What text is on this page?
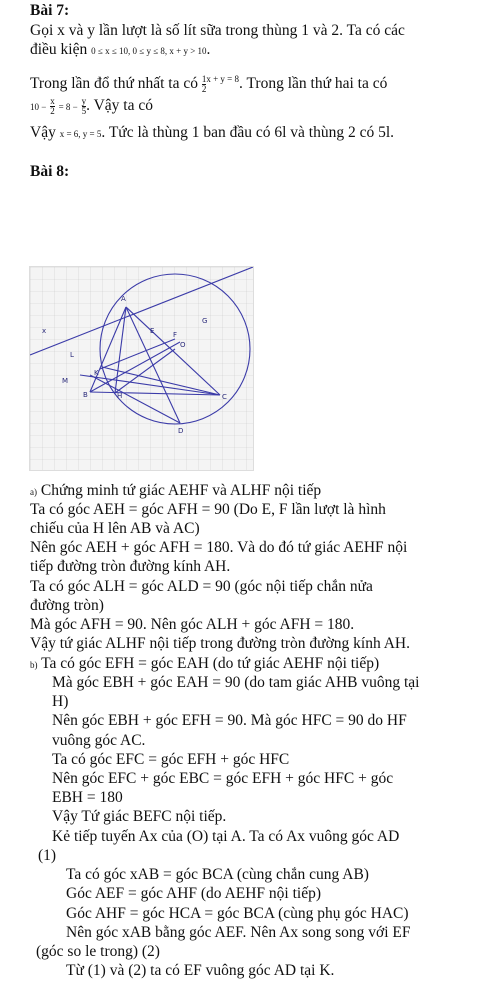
Bài 7:
Gọi x và y lần lượt là số lít sữa trong thùng 1 và 2. Ta có các
điều kiện 0 ≤ x ≤ 10, 0 ≤ y ≤ 8, x + y > 10.
Trong lần đổ thứ nhất ta có $\frac{1}{2}^{x + y = 8}$. Trong lần thứ hai ta có
$10 - \frac{x}{2} = 8 - \frac{y}{5}$. Vậy ta có
Vậy x = 6, y = 5. Tức là thùng 1 ban đầu có 6l và thùng 2 có 5l.
Bài 8:
A
G
x	E
O
L
F
M
B	H	C
D
K
a) Chứng minh tứ giác AEHF và ALHF nội tiếp
Ta có góc AEH = góc AFH = 90 (Do E, F lần lượt là hình
chiếu của H lên AB và AC)
Nên góc AEH + góc AFH = 180. Và do đó tứ giác AEHF nội
tiếp đường tròn đường kính AH.
Ta có góc ALH = góc ALD = 90 (góc nội tiếp chắn nửa
đường tròn)
Mà góc AFH = 90. Nên góc ALH + góc AFH = 180.
Vậy tứ giác ALHF nội tiếp trong đường tròn đường kính AH.
b) Ta có góc EFH = góc EAH (do tứ giác AEHF nội tiếp)
Mà góc EBH + góc EAH = 90 (do tam giác AHB vuông tại
H)
Nên góc EBH + góc EFH = 90. Mà góc HFC = 90 do HF
vuông góc AC.
Ta có góc EFC = góc EFH + góc HFC
Nên góc EFC + góc EBC = góc EFH + góc HFC + góc
EBH = 180
Vậy Tứ giác BEFC nội tiếp.
Kẻ tiếp tuyến Ax của (O) tại A. Ta có Ax vuông góc AD
(1)
Ta có góc xAB = góc BCA (cùng chắn cung AB)
Góc AEF = góc AHF (do AEHF nội tiếp)
Góc AHF = góc HCA = góc BCA (cùng phụ góc HAC)
Nên góc xAB bằng góc AEF. Nên Ax song song với EF
(góc so le trong) (2)
Từ (1) và (2) ta có EF vuông góc AD tại K.
